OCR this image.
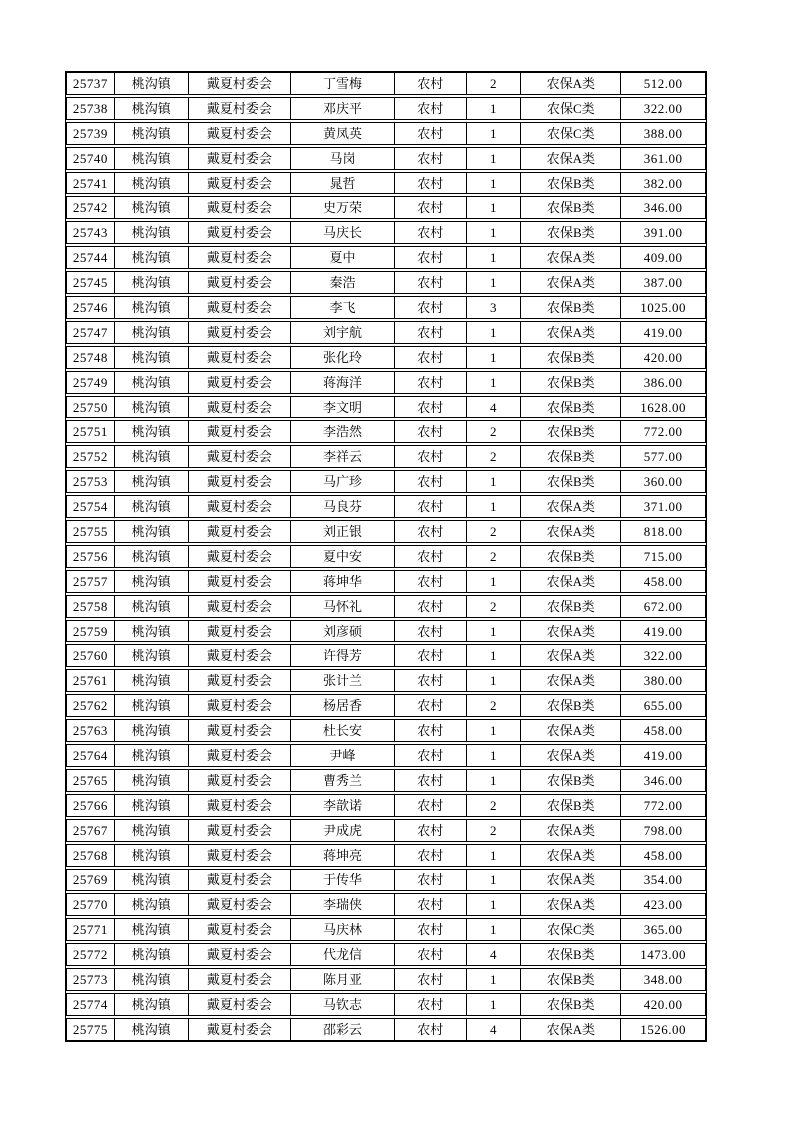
25737	桃沟镇	戴夏村委会	丁雪梅	农村	2	农保A类	512.00
25738	桃沟镇	戴夏村委会	邓庆平	农村	1	农保C类	322.00
25739	桃沟镇	戴夏村委会	黄凤英	农村	1	农保C类	388.00
25740	桃沟镇	戴夏村委会	马岗	农村	1	农保A类	361.00
25741	桃沟镇	戴夏村委会	晁哲	农村	1	农保B类	382.00
25742	桃沟镇	戴夏村委会	史万荣	农村	1	农保B类	346.00
25743	桃沟镇	戴夏村委会	马庆长	农村	1	农保B类	391.00
25744	桃沟镇	戴夏村委会	夏中	农村	1	农保A类	409.00
25745	桃沟镇	戴夏村委会	秦浩	农村	1	农保A类	387.00
25746	桃沟镇	戴夏村委会	李飞	农村	3	农保B类	1025.00
25747	桃沟镇	戴夏村委会	刘宇航	农村	1	农保A类	419.00
25748	桃沟镇	戴夏村委会	张化玲	农村	1	农保B类	420.00
25749	桃沟镇	戴夏村委会	蒋海洋	农村	1	农保B类	386.00
25750	桃沟镇	戴夏村委会	李文明	农村	4	农保B类	1628.00
25751	桃沟镇	戴夏村委会	李浩然	农村	2	农保B类	772.00
25752	桃沟镇	戴夏村委会	李祥云	农村	2	农保B类	577.00
25753	桃沟镇	戴夏村委会	马广珍	农村	1	农保B类	360.00
25754	桃沟镇	戴夏村委会	马良芬	农村	1	农保A类	371.00
25755	桃沟镇	戴夏村委会	刘正银	农村	2	农保A类	818.00
25756	桃沟镇	戴夏村委会	夏中安	农村	2	农保B类	715.00
25757	桃沟镇	戴夏村委会	蒋坤华	农村	1	农保A类	458.00
25758	桃沟镇	戴夏村委会	马怀礼	农村	2	农保B类	672.00
25759	桃沟镇	戴夏村委会	刘彦硕	农村	1	农保A类	419.00
25760	桃沟镇	戴夏村委会	许得芳	农村	1	农保A类	322.00
25761	桃沟镇	戴夏村委会	张计兰	农村	1	农保A类	380.00
25762	桃沟镇	戴夏村委会	杨居香	农村	2	农保B类	655.00
25763	桃沟镇	戴夏村委会	杜长安	农村	1	农保A类	458.00
25764	桃沟镇	戴夏村委会	尹峰	农村	1	农保A类	419.00
25765	桃沟镇	戴夏村委会	曹秀兰	农村	1	农保B类	346.00
25766	桃沟镇	戴夏村委会	李歆诺	农村	2	农保B类	772.00
25767	桃沟镇	戴夏村委会	尹成虎	农村	2	农保A类	798.00
25768	桃沟镇	戴夏村委会	蒋坤亮	农村	1	农保A类	458.00
25769	桃沟镇	戴夏村委会	于传华	农村	1	农保A类	354.00
25770	桃沟镇	戴夏村委会	李瑞侠	农村	1	农保A类	423.00
25771	桃沟镇	戴夏村委会	马庆林	农村	1	农保C类	365.00
25772	桃沟镇	戴夏村委会	代龙信	农村	4	农保B类	1473.00
25773	桃沟镇	戴夏村委会	陈月亚	农村	1	农保B类	348.00
25774	桃沟镇	戴夏村委会	马钦志	农村	1	农保B类	420.00
25775	桃沟镇	戴夏村委会	邵彩云	农村	4	农保A类	1526.00
